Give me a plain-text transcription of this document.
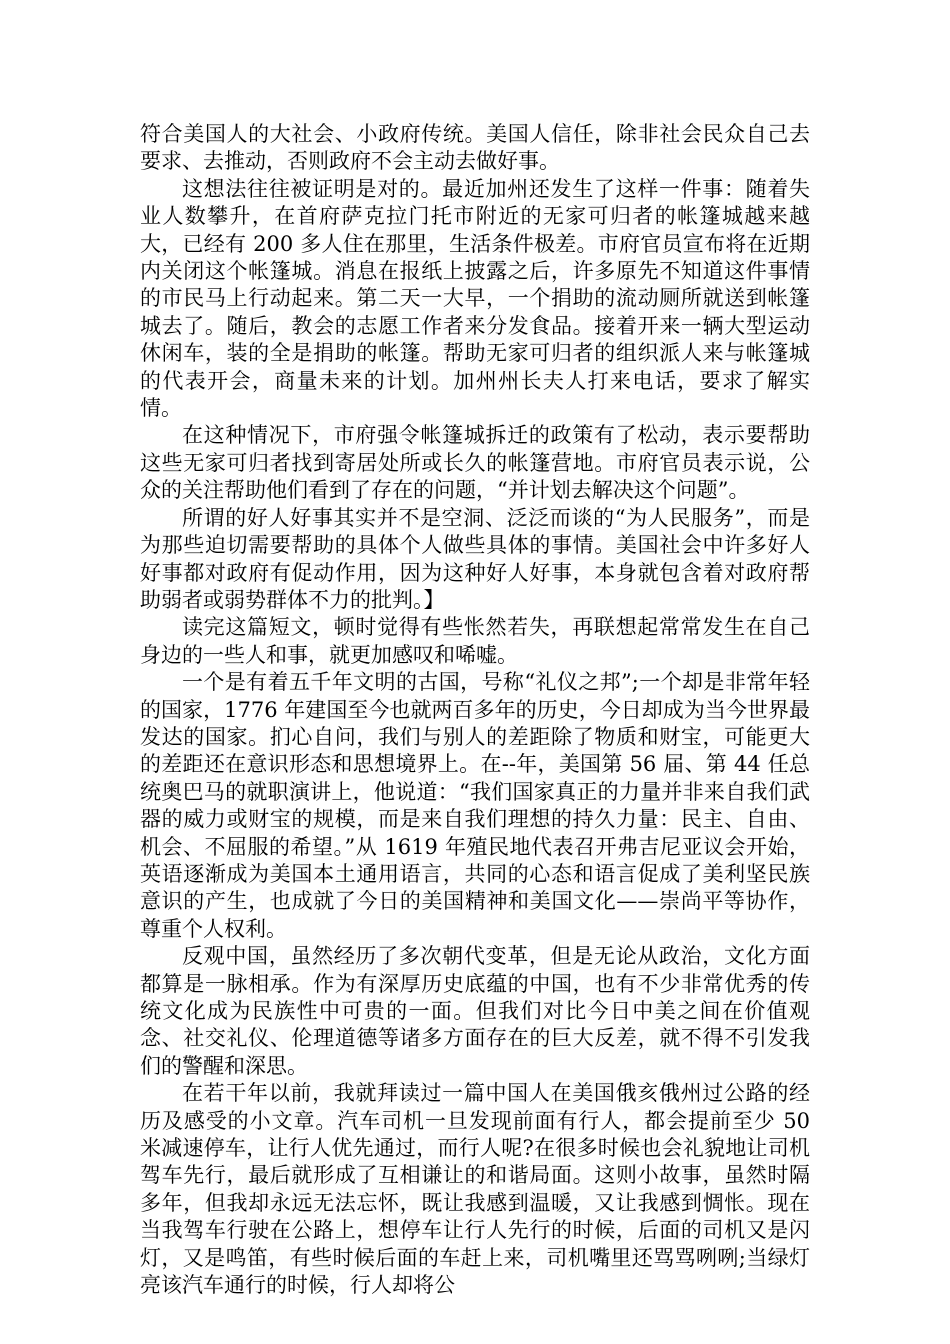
符合美国人的大社会、小政府传统。美国人信任，除非社会民众自己去要求、去推动，否则政府不会主动去做好事。

这想法往往被证明是对的。最近加州还发生了这样一件事：随着失业人数攀升，在首府萨克拉门托市附近的无家可归者的帐篷城越来越大，已经有 200 多人住在那里，生活条件极差。市府官员宣布将在近期内关闭这个帐篷城。消息在报纸上披露之后，许多原先不知道这件事情的市民马上行动起来。第二天一大早，一个捐助的流动厕所就送到帐篷城去了。随后，教会的志愿工作者来分发食品。接着开来一辆大型运动休闲车，装的全是捐助的帐篷。帮助无家可归者的组织派人来与帐篷城的代表开会，商量未来的计划。加州州长夫人打来电话，要求了解实情。

在这种情况下，市府强令帐篷城拆迁的政策有了松动，表示要帮助这些无家可归者找到寄居处所或长久的帐篷营地。市府官员表示说，公众的关注帮助他们看到了存在的问题，“并计划去解决这个问题”。

所谓的好人好事其实并不是空洞、泛泛而谈的“为人民服务”，而是为那些迫切需要帮助的具体个人做些具体的事情。美国社会中许多好人好事都对政府有促动作用，因为这种好人好事，本身就包含着对政府帮助弱者或弱势群体不力的批判。】

读完这篇短文，顿时觉得有些怅然若失，再联想起常常发生在自己身边的一些人和事，就更加感叹和唏嘘。

一个是有着五千年文明的古国，号称“礼仪之邦”;一个却是非常年轻的国家，1776 年建国至今也就两百多年的历史，今日却成为当今世界最发达的国家。扪心自问，我们与别人的差距除了物质和财宝，可能更大的差距还在意识形态和思想境界上。在--年，美国第 56 届、第 44 任总统奥巴马的就职演讲上，他说道：“我们国家真正的力量并非来自我们武器的威力或财宝的规模，而是来自我们理想的持久力量：民主、自由、机会、不屈服的希望。”从 1619 年殖民地代表召开弗吉尼亚议会开始，英语逐渐成为美国本土通用语言，共同的心态和语言促成了美利坚民族意识的产生，也成就了今日的美国精神和美国文化——崇尚平等协作，尊重个人权利。

反观中国，虽然经历了多次朝代变革，但是无论从政治，文化方面都算是一脉相承。作为有深厚历史底蕴的中国，也有不少非常优秀的传统文化成为民族性中可贵的一面。但我们对比今日中美之间在价值观念、社交礼仪、伦理道德等诸多方面存在的巨大反差，就不得不引发我们的警醒和深思。

在若干年以前，我就拜读过一篇中国人在美国俄亥俄州过公路的经历及感受的小文章。汽车司机一旦发现前面有行人，都会提前至少 50 米减速停车，让行人优先通过，而行人呢?在很多时候也会礼貌地让司机驾车先行，最后就形成了互相谦让的和谐局面。这则小故事，虽然时隔多年，但我却永远无法忘怀，既让我感到温暖，又让我感到惆怅。现在当我驾车行驶在公路上，想停车让行人先行的时候，后面的司机又是闪灯，又是鸣笛，有些时候后面的车赶上来，司机嘴里还骂骂咧咧;当绿灯亮该汽车通行的时候，行人却将公
